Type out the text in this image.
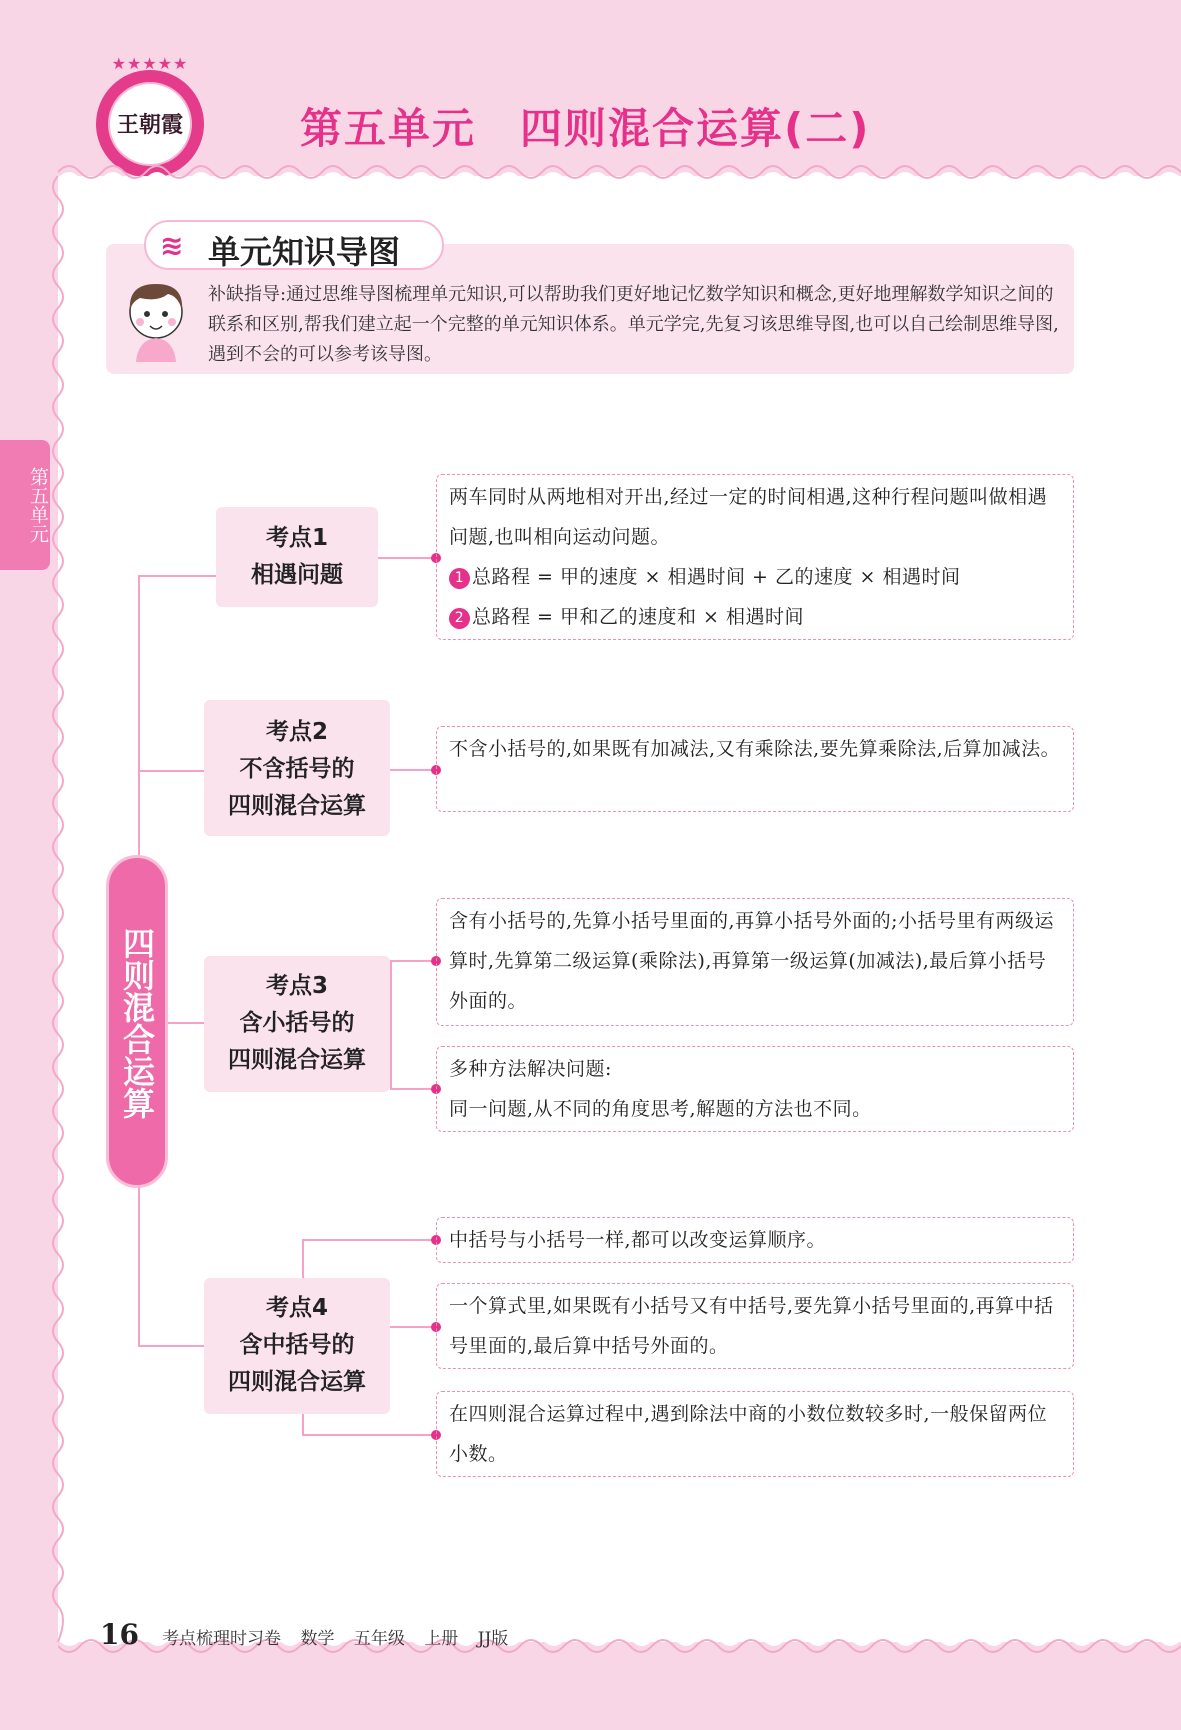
★★★★★
王朝霞	第五单元　四则混合运算(二)
第五单元
≋ 单元知识导图
补缺指导:通过思维导图梳理单元知识,可以帮助我们更好地记忆数学知识和概念,更好地理解数学知识之间的联系和区别,帮我们建立起一个完整的单元知识体系。单元学完,先复习该思维导图,也可以自己绘制思维导图,遇到不会的可以参考该导图。
四则混合运算(二)
考点1
相遇问题
考点2
不含括号的
四则混合运算
考点3
含小括号的
四则混合运算
考点4
含中括号的
四则混合运算
两车同时从两地相对开出,经过一定的时间相遇,这种行程问题叫做相遇问题,也叫相向运动问题。
1 总路程 = 甲的速度 × 相遇时间 + 乙的速度 × 相遇时间
2 总路程 = 甲和乙的速度和 × 相遇时间
不含小括号的,如果既有加减法,又有乘除法,要先算乘除法,后算加减法。
含有小括号的,先算小括号里面的,再算小括号外面的;小括号里有两级运算时,先算第二级运算(乘除法),再算第一级运算(加减法),最后算小括号外面的。
多种方法解决问题:
同一问题,从不同的角度思考,解题的方法也不同。
中括号与小括号一样,都可以改变运算顺序。
一个算式里,如果既有小括号又有中括号,要先算小括号里面的,再算中括号里面的,最后算中括号外面的。
在四则混合运算过程中,遇到除法中商的小数位数较多时,一般保留两位小数。
16 考点梳理时习卷 数学 五年级 上册 JJ版
